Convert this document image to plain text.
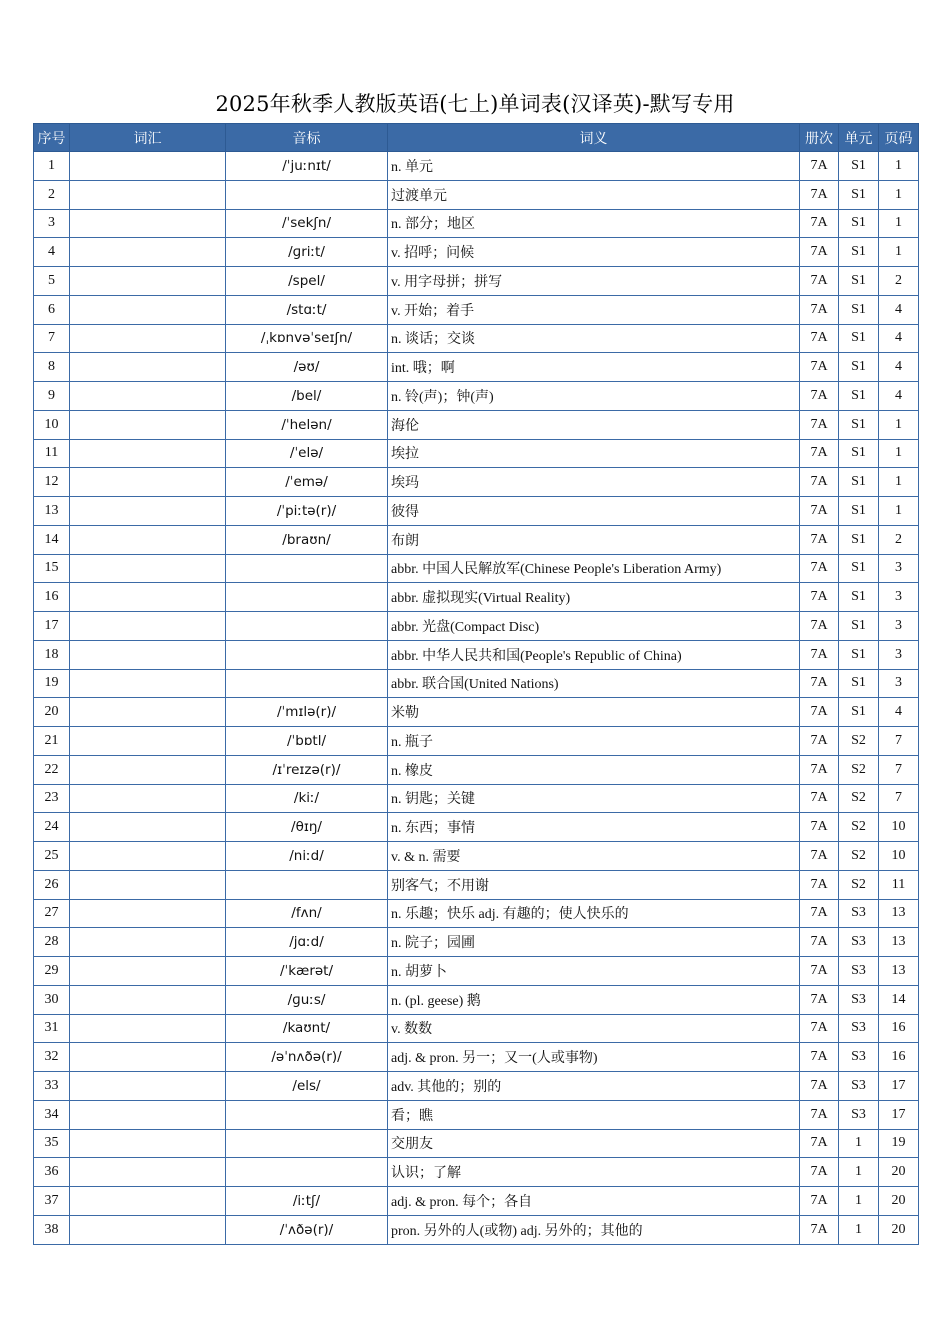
2025年秋季人教版英语(七上)单词表(汉译英)-默写专用
序号	词汇	音标	词义	册次	单元	页码
1		/ˈjuːnɪt/	n. 单元	7A	S1	1
2			过渡单元	7A	S1	1
3		/ˈsekʃn/	n. 部分；地区	7A	S1	1
4		/ɡriːt/	v. 招呼；问候	7A	S1	1
5		/spel/	v. 用字母拼；拼写	7A	S1	2
6		/stɑːt/	v. 开始；着手	7A	S1	4
7		/ˌkɒnvəˈseɪʃn/	n. 谈话；交谈	7A	S1	4
8		/əʊ/	int. 哦；啊	7A	S1	4
9		/bel/	n. 铃(声)；钟(声)	7A	S1	4
10		/ˈhelən/	海伦	7A	S1	1
11		/ˈelə/	埃拉	7A	S1	1
12		/ˈemə/	埃玛	7A	S1	1
13		/ˈpiːtə(r)/	彼得	7A	S1	1
14		/braʊn/	布朗	7A	S1	2
15			abbr. 中国人民解放军(Chinese People's Liberation Army)	7A	S1	3
16			abbr. 虚拟现实(Virtual Reality)	7A	S1	3
17			abbr. 光盘(Compact Disc)	7A	S1	3
18			abbr. 中华人民共和国(People's Republic of China)	7A	S1	3
19			abbr. 联合国(United Nations)	7A	S1	3
20		/ˈmɪlə(r)/	米勒	7A	S1	4
21		/ˈbɒtl/	n. 瓶子	7A	S2	7
22		/ɪˈreɪzə(r)/	n. 橡皮	7A	S2	7
23		/kiː/	n. 钥匙；关键	7A	S2	7
24		/θɪŋ/	n. 东西；事情	7A	S2	10
25		/niːd/	v. & n. 需要	7A	S2	10
26			别客气；不用谢	7A	S2	11
27		/fʌn/	n. 乐趣；快乐 adj. 有趣的；使人快乐的	7A	S3	13
28		/jɑːd/	n. 院子；园圃	7A	S3	13
29		/ˈkærət/	n. 胡萝卜	7A	S3	13
30		/ɡuːs/	n. (pl. geese) 鹅	7A	S3	14
31		/kaʊnt/	v. 数数	7A	S3	16
32		/əˈnʌðə(r)/	adj. & pron. 另一；又一(人或事物)	7A	S3	16
33		/els/	adv. 其他的；别的	7A	S3	17
34			看；瞧	7A	S3	17
35			交朋友	7A	1	19
36			认识；了解	7A	1	20
37		/iːtʃ/	adj. & pron. 每个；各自	7A	1	20
38		/ˈʌðə(r)/	pron. 另外的人(或物) adj. 另外的；其他的	7A	1	20
